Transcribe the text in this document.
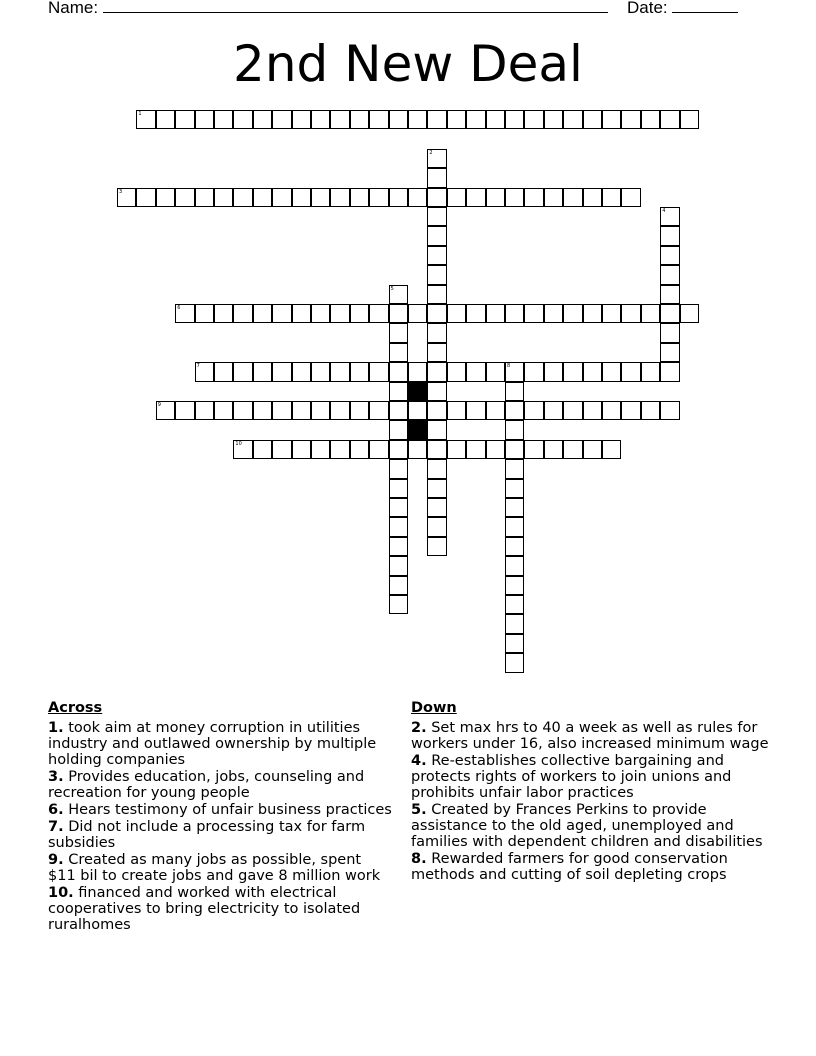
Name:	Date:
2nd New Deal
1
2
3
4
5
6
7	8
9
10
Across
1. took aim at money corruption in utilities industry and outlawed ownership by multiple holding companies
3. Provides education, jobs, counseling and recreation for young people
6. Hears testimony of unfair business practices
7. Did not include a processing tax for farm subsidies
9. Created as many jobs as possible, spent $11 bil to create jobs and gave 8 million work
10. financed and worked with electrical cooperatives to bring electricity to isolated ruralhomes
Down
2. Set max hrs to 40 a week as well as rules for workers under 16, also increased minimum wage
4. Re-establishes collective bargaining and protects rights of workers to join unions and prohibits unfair labor practices
5. Created by Frances Perkins to provide assistance to the old aged, unemployed and families with dependent children and disabilities
8. Rewarded farmers for good conservation methods and cutting of soil depleting crops
